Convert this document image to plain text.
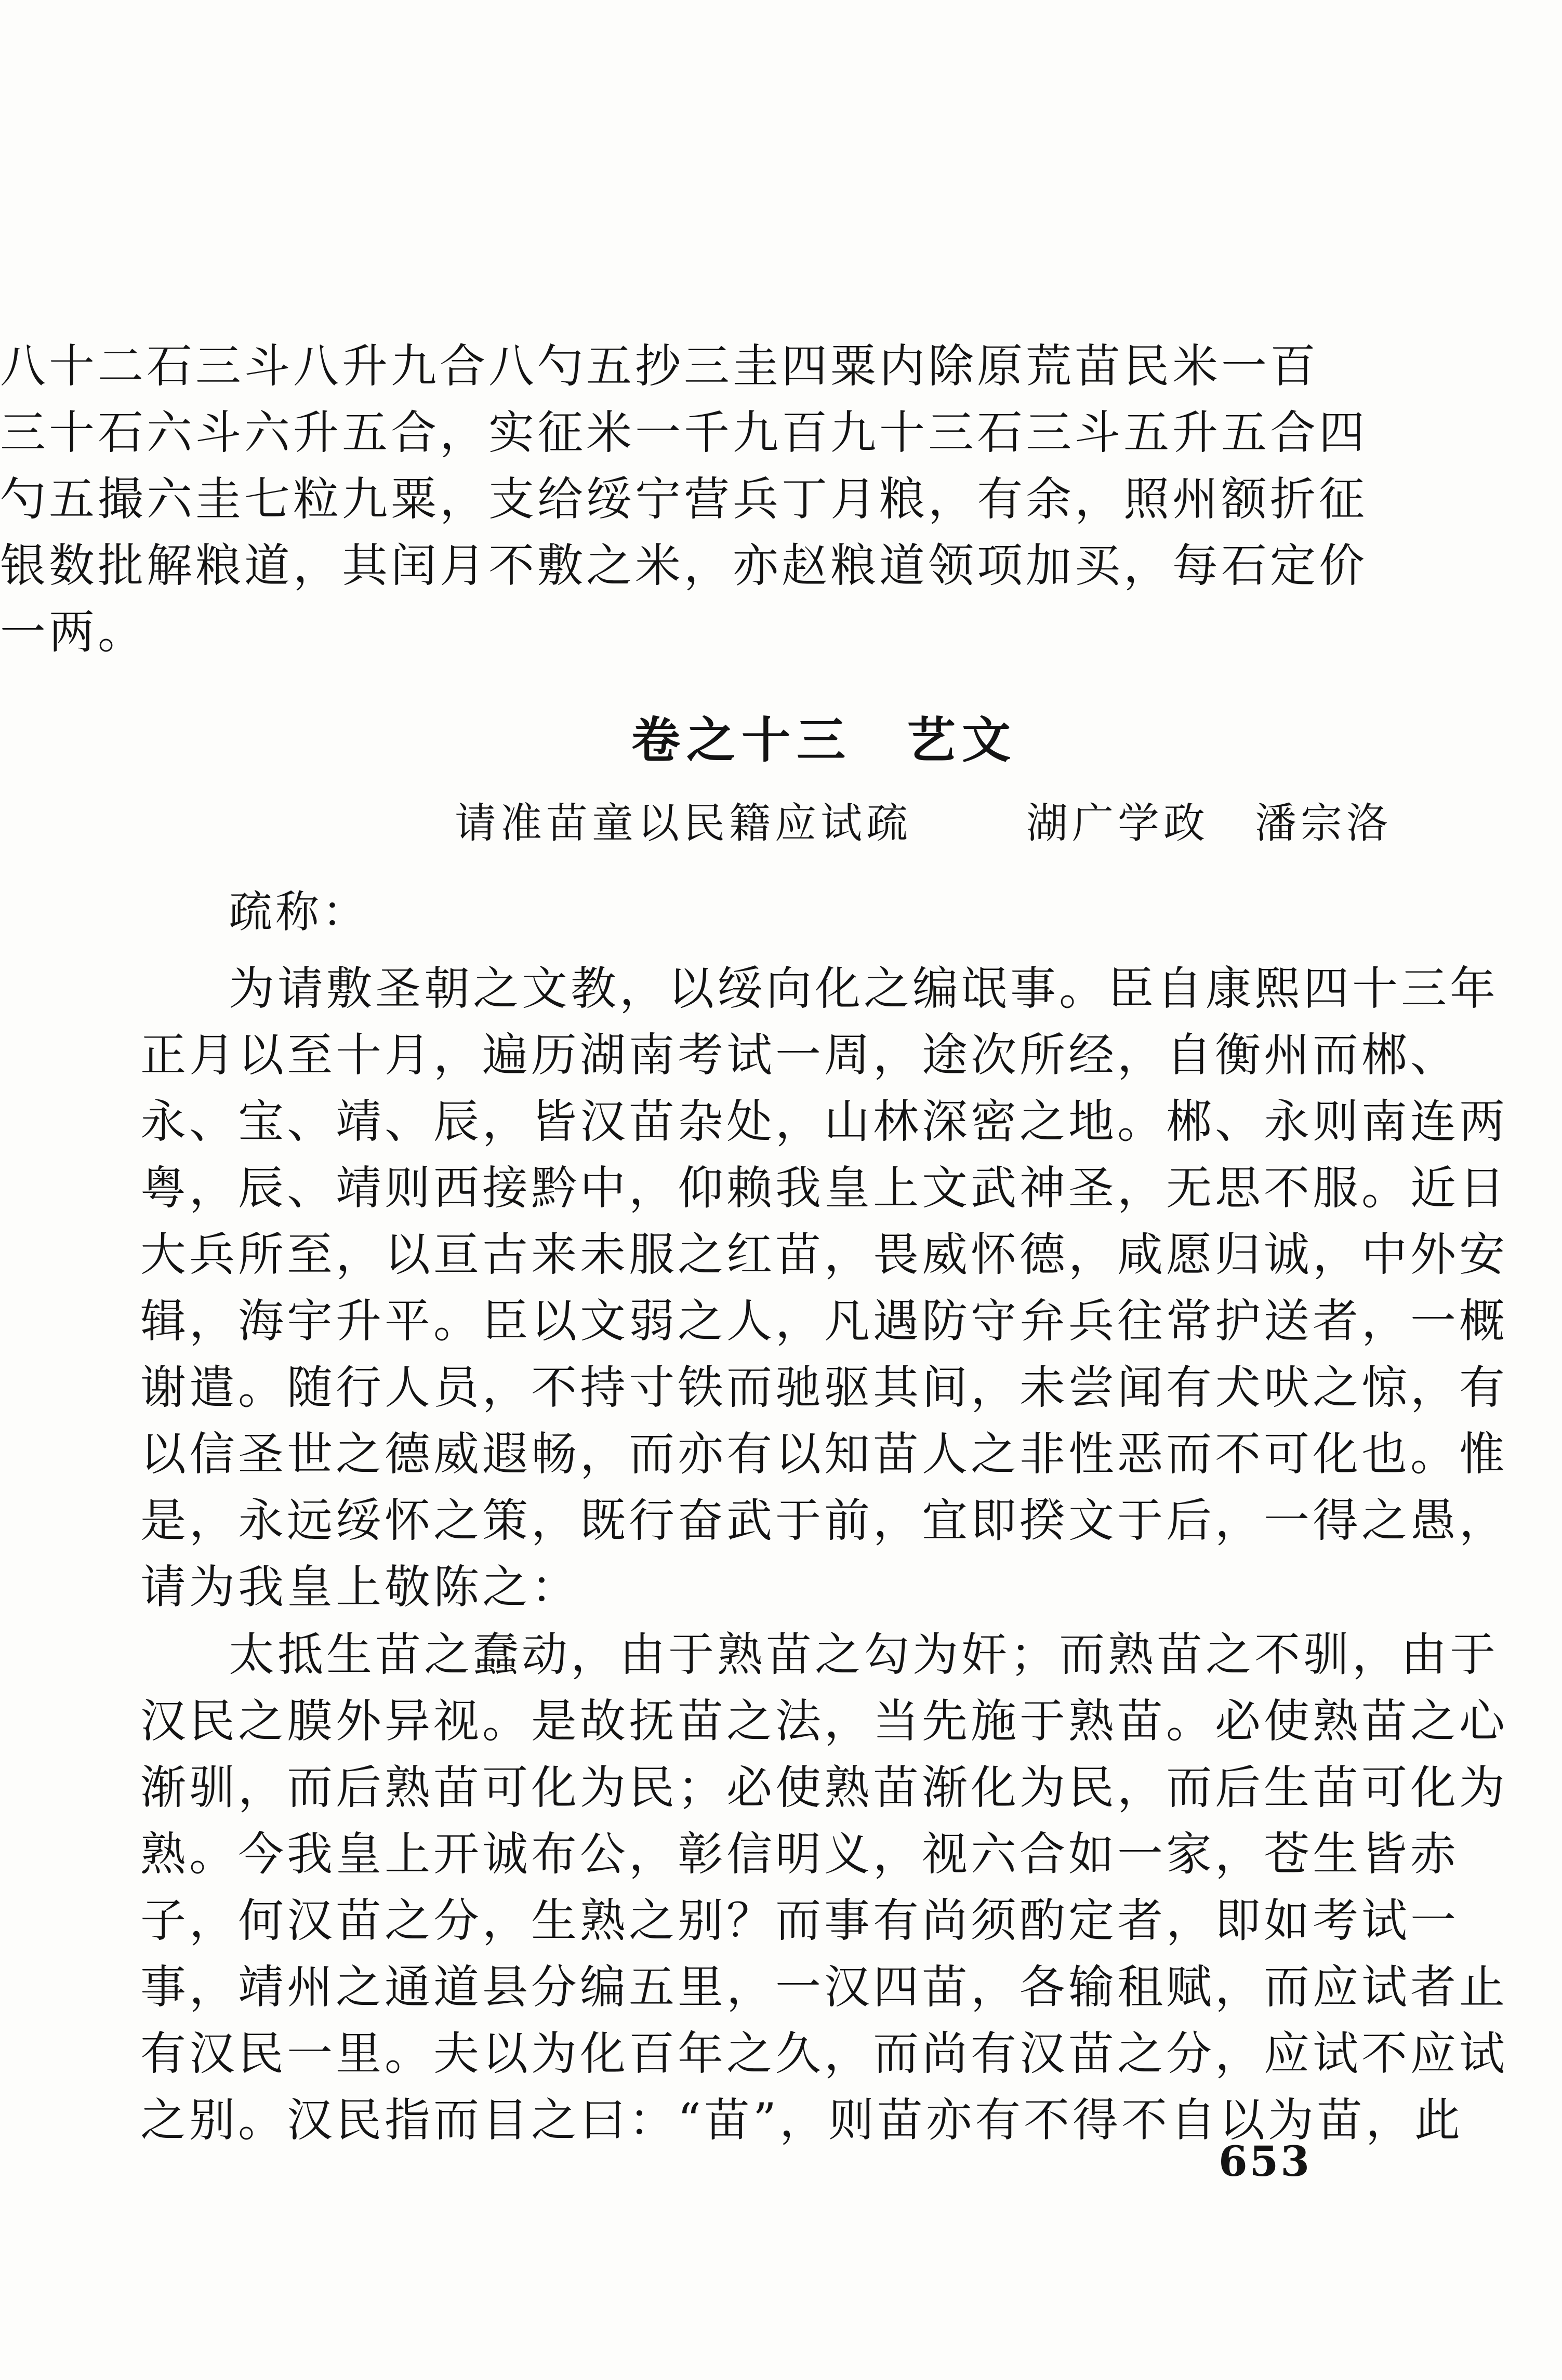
八十二石三斗八升九合八勺五抄三圭四粟内除原荒苗民米一百
三十石六斗六升五合，实征米一千九百九十三石三斗五升五合四
勺五撮六圭七粒九粟，支给绥宁营兵丁月粮，有余，照州额折征
银数批解粮道，其闰月不敷之米，亦赵粮道领项加买，每石定价
一两。
卷之十三　艺文
请准苗童以民籍应试疏	湖广学政　潘宗洛
疏称：
为请敷圣朝之文教，以绥向化之编氓事。臣自康熙四十三年
正月以至十月，遍历湖南考试一周，途次所经，自衡州而郴、
永、宝、靖、辰，皆汉苗杂处，山林深密之地。郴、永则南连两
粤，辰、靖则西接黔中，仰赖我皇上文武神圣，无思不服。近日
大兵所至，以亘古来未服之红苗，畏威怀德，咸愿归诚，中外安
辑，海宇升平。臣以文弱之人，凡遇防守弁兵往常护送者，一概
谢遣。随行人员，不持寸铁而驰驱其间，未尝闻有犬吠之惊，有
以信圣世之德威遐畅，而亦有以知苗人之非性恶而不可化也。惟
是，永远绥怀之策，既行奋武于前，宜即揆文于后，一得之愚，
请为我皇上敬陈之：
太抵生苗之蠢动，由于熟苗之勾为奸；而熟苗之不驯，由于
汉民之膜外异视。是故抚苗之法，当先施于熟苗。必使熟苗之心
渐驯，而后熟苗可化为民；必使熟苗渐化为民，而后生苗可化为
熟。今我皇上开诚布公，彰信明义，视六合如一家，苍生皆赤
子，何汉苗之分，生熟之别？而事有尚须酌定者，即如考试一
事，靖州之通道县分编五里，一汉四苗，各输租赋，而应试者止
有汉民一里。夫以为化百年之久，而尚有汉苗之分，应试不应试
之别。汉民指而目之曰：“苗”，则苗亦有不得不自以为苗，此
653
